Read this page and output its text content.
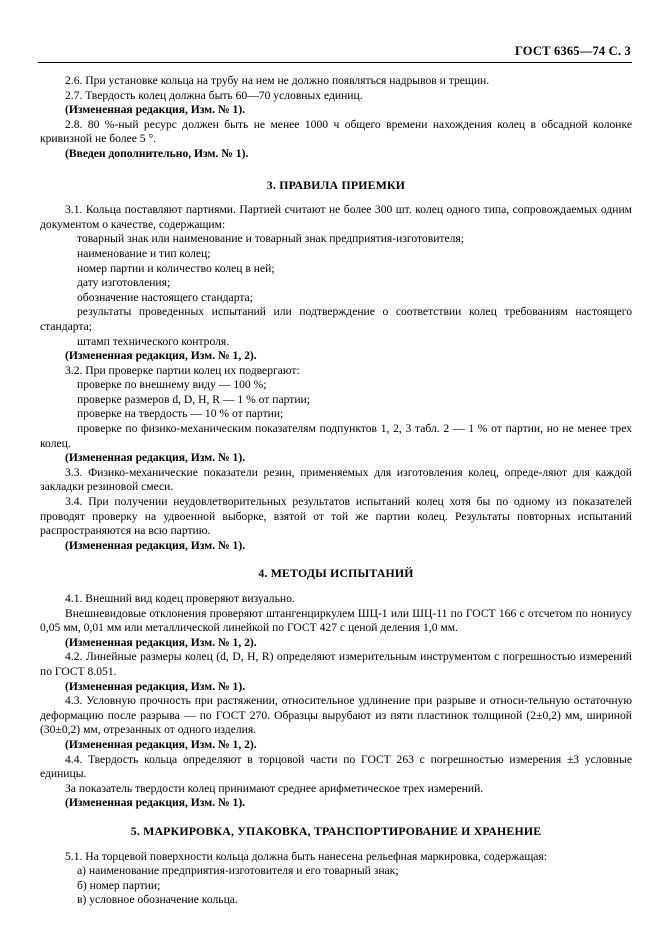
ГОСТ 6365—74 С. 3

2.6. При установке кольца на трубу на нем не должно появляться надрывов и трещин.

2.7. Твердость колец должна быть 60—70 условных единиц.

(Измененная редакция, Изм. № 1).

2.8. 80 %-ный ресурс должен быть не менее 1000 ч общего времени нахождения колец в обсадной колонке кривизной не более 5 °.

(Введен дополнительно, Изм. № 1).

3. ПРАВИЛА ПРИЕМКИ

3.1. Кольца поставляют партиями. Партией считают не более 300 шт. колец одного типа, сопровождаемых одним документом о качестве, содержащим:

товарный знак или наименование и товарный знак предприятия-изготовителя;

наименование и тип колец;

номер партии и количество колец в ней;

дату изготовления;

обозначение настоящего стандарта;

результаты проведенных испытаний или подтверждение о соответствии колец требованиям настоящего стандарта;

штамп технического контроля.

(Измененная редакция, Изм. № 1, 2).

3.2. При проверке партии колец их подвергают:

проверке по внешнему виду — 100 %;

проверке размеров d, D, H, R — 1 % от партии;

проверке на твердость — 10 % от партии;

проверке по физико-механическим показателям подпунктов 1, 2, 3 табл. 2 — 1 % от партии, но не менее трех колец.

(Измененная редакция, Изм. № 1).

3.3. Физико-механические показатели резин, применяемых для изготовления колец, опреде-ляют для каждой закладки резиновой смеси.

3.4. При получении неудовлетворительных результатов испытаний колец хотя бы по одному из показателей проводят проверку на удвоенной выборке, взятой от той же партии колец. Результаты повторных испытаний распространяются на всю партию.

(Измененная редакция, Изм. № 1).

4. МЕТОДЫ ИСПЫТАНИЙ

4.1. Внешний вид кодец проверяют визуально.

Внешневидовые отклонения проверяют штангенциркулем ШЦ-1 или ШЦ-11 по ГОСТ 166 с отсчетом по нониусу 0,05 мм, 0,01 мм или металлической линейкой по ГОСТ 427 с ценой деления 1,0 мм.

(Измененная редакция, Изм. № 1, 2).

4.2. Линейные размеры колец (d, D, H, R) определяют измерительным инструментом с погрешностью измерений по ГОСТ 8.051.

(Измененная редакция, Изм. № 1).

4.3. Условную прочность при растяжении, относительное удлинение при разрыве и относи-тельную остаточную деформацию после разрыва — по ГОСТ 270. Образцы вырубают из пяти пластинок толщиной (2±0,2) мм, шириной (30±0,2) мм, отрезанных от одного изделия.

(Измененная редакция, Изм. № 1, 2).

4.4. Твердость кольца определяют в торцовой части по ГОСТ 263 с погрешностью измерения ±3 условные единицы.

За показатель твердости колец принимают среднее арифметическое трех измерений.

(Измененная редакция, Изм. № 1).

5. МАРКИРОВКА, УПАКОВКА, ТРАНСПОРТИРОВАНИЕ И ХРАНЕНИЕ

5.1. На торцевой поверхности кольца должна быть нанесена рельефная маркировка, содержащая:

а) наименование предприятия-изготовителя и его товарный знак;

б) номер партии;

в) условное обозначение кольца.
